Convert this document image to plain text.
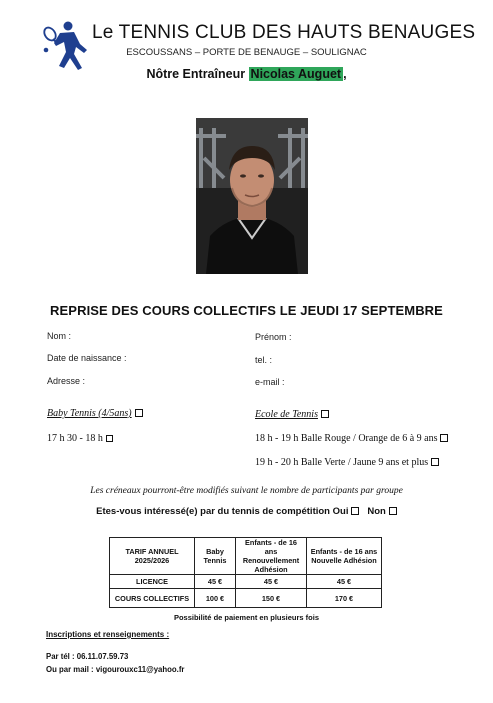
Le TENNIS CLUB DES HAUTS BENAUGES
ESCOUSSANS – PORTE DE BENAUGE – SOULIGNAC
Nôtre Entraîneur Nicolas Auguet ,
REPRISE DES COURS COLLECTIFS LE JEUDI 17 SEPTEMBRE
Nom :	Prénom :
Date de naissance :	tel. :
Adresse :	e-mail :
Baby Tennis (4/5ans)
17 h 30 - 18 h
Ecole de Tennis
18 h - 19 h Balle Rouge / Orange de 6 à 9 ans
19 h - 20 h Balle Verte / Jaune 9 ans et plus
Les créneaux pourront-être modifiés suivant le nombre de participants par groupe
Etes-vous intéressé(e) par du tennis de compétition Oui Non
TARIF ANNUEL 2025/2026	Baby Tennis	Enfants - de 16 ans Renouvellement Adhésion	Enfants - de 16 ans Nouvelle Adhésion
LICENCE	45 €	45 €	45 €
COURS COLLECTIFS	100 €	150 €	170 €
Possibilité de paiement en plusieurs fois
Inscriptions et renseignements :
Par tél : 06.11.07.59.73
Ou par mail : vigourouxc11@yahoo.fr
